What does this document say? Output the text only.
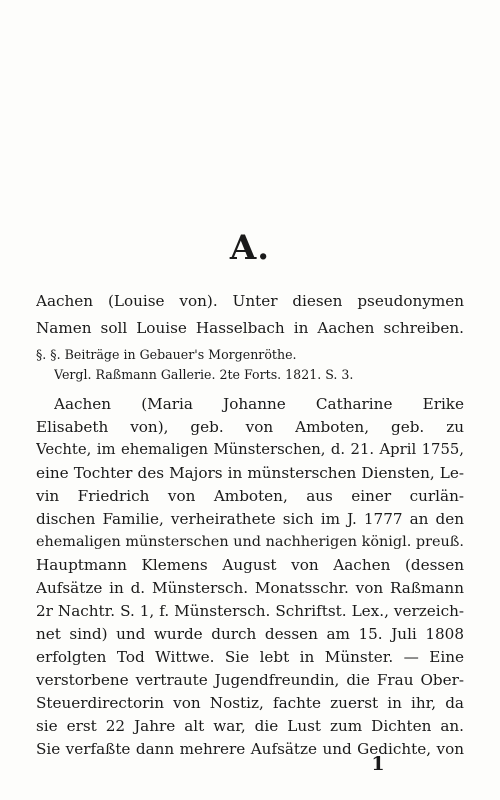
A.
Aachen (Louise von). Unter diesen pseudonymen
Namen soll Louise Hasselbach in Aachen schreiben.
§. §. Beiträge in Gebauer's Morgenröthe.
Vergl. Raßmann Gallerie. 2te Forts. 1821. S. 3.
Aachen (Maria Johanne Catharine Erike
Elisabeth von), geb. von Amboten, geb. zu
Vechte, im ehemaligen Münsterschen, d. 21. April 1755,
eine Tochter des Majors in münsterschen Diensten, Le-
vin Friedrich von Amboten, aus einer curlän-
dischen Familie, verheirathete sich im J. 1777 an den
ehemaligen münsterschen und nachherigen königl. preuß.
Hauptmann Klemens August von Aachen (dessen
Aufsätze in d. Münstersch. Monatsschr. von Raßmann
2r Nachtr. S. 1, f. Münstersch. Schriftst. Lex., verzeich-
net sind) und wurde durch dessen am 15. Juli 1808
erfolgten Tod Wittwe. Sie lebt in Münster. — Eine
verstorbene vertraute Jugendfreundin, die Frau Ober-
Steuerdirectorin von Nostiz, fachte zuerst in ihr, da
sie erst 22 Jahre alt war, die Lust zum Dichten an.
Sie verfaßte dann mehrere Aufsätze und Gedichte, von
1
